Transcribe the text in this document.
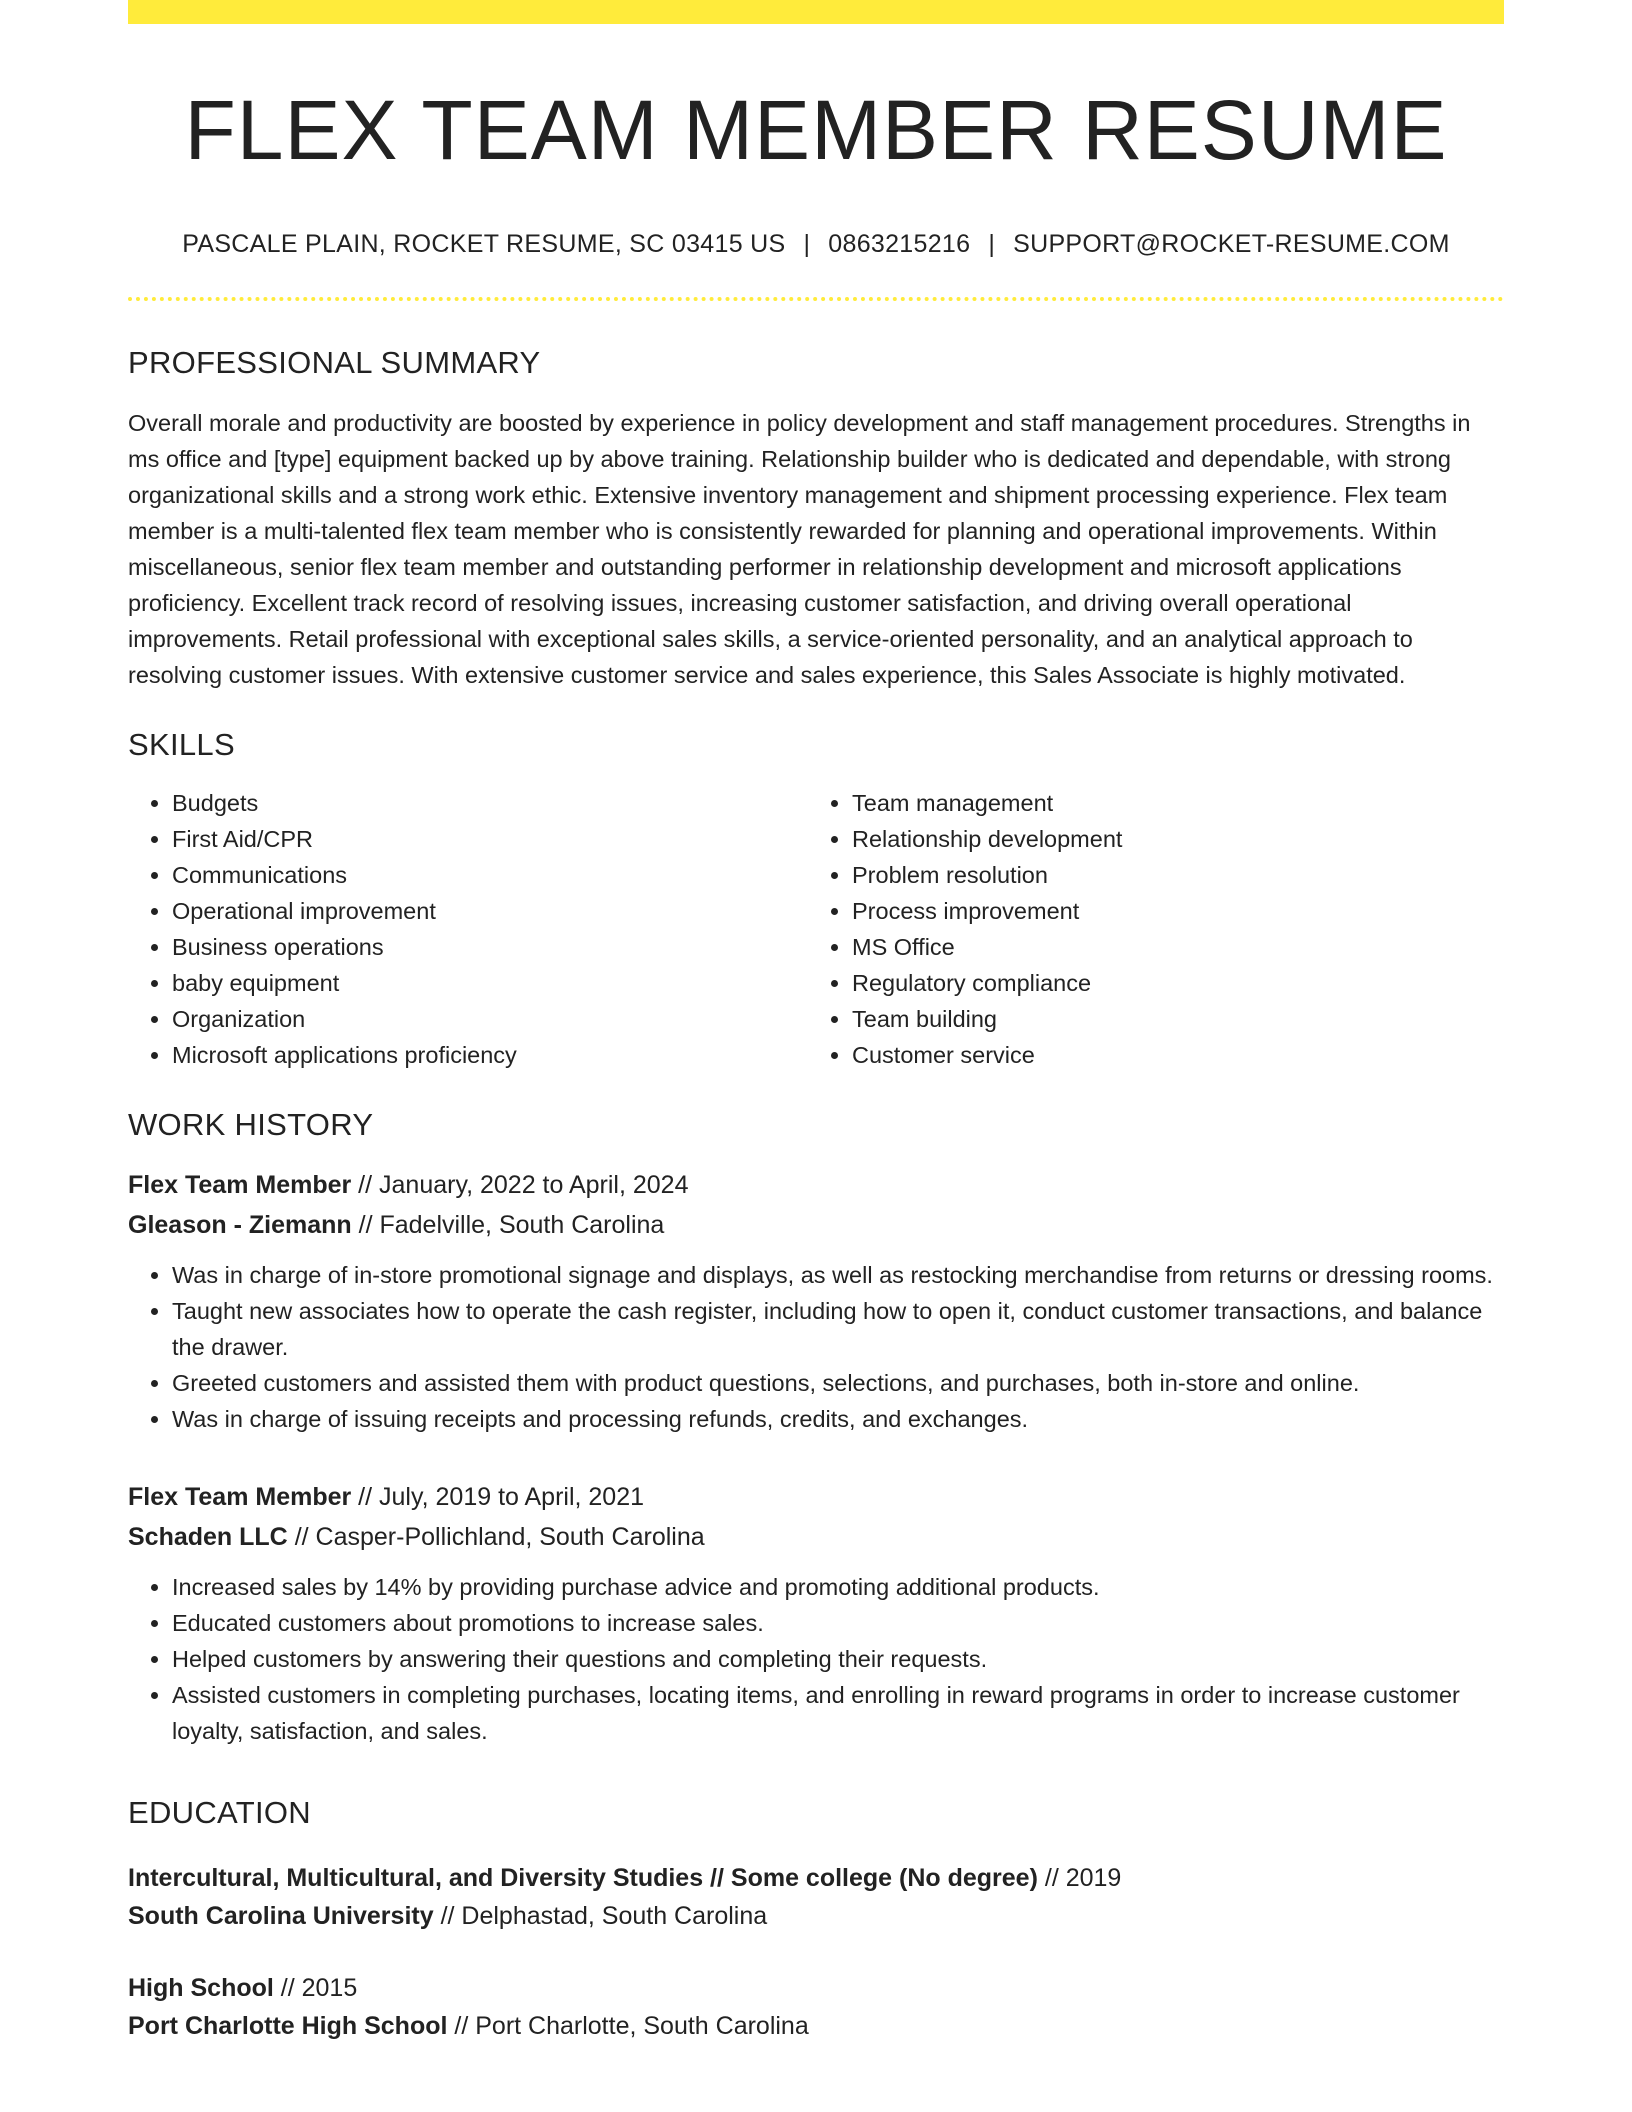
FLEX TEAM MEMBER RESUME
PASCALE PLAIN, ROCKET RESUME, SC 03415 US | 0863215216 | SUPPORT@ROCKET-RESUME.COM
PROFESSIONAL SUMMARY

Overall morale and productivity are boosted by experience in policy development and staff management procedures. Strengths in ms office and [type] equipment backed up by above training. Relationship builder who is dedicated and dependable, with strong organizational skills and a strong work ethic. Extensive inventory management and shipment processing experience. Flex team member is a multi-talented flex team member who is consistently rewarded for planning and operational improvements. Within miscellaneous, senior flex team member and outstanding performer in relationship development and microsoft applications proficiency. Excellent track record of resolving issues, increasing customer satisfaction, and driving overall operational improvements. Retail professional with exceptional sales skills, a service-oriented personality, and an analytical approach to resolving customer issues. With extensive customer service and sales experience, this Sales Associate is highly motivated.

SKILLS
• Budgets
• First Aid/CPR
• Communications
• Operational improvement
• Business operations
• baby equipment
• Organization
• Microsoft applications proficiency
• Team management
• Relationship development
• Problem resolution
• Process improvement
• MS Office
• Regulatory compliance
• Team building
• Customer service
WORK HISTORY
Flex Team Member // January, 2022 to April, 2024
Gleason - Ziemann // Fadelville, South Carolina
• Was in charge of in-store promotional signage and displays, as well as restocking merchandise from returns or dressing rooms.
• Taught new associates how to operate the cash register, including how to open it, conduct customer transactions, and balance the drawer.
• Greeted customers and assisted them with product questions, selections, and purchases, both in-store and online.
• Was in charge of issuing receipts and processing refunds, credits, and exchanges.
Flex Team Member // July, 2019 to April, 2021
Schaden LLC // Casper-Pollichland, South Carolina
• Increased sales by 14% by providing purchase advice and promoting additional products.
• Educated customers about promotions to increase sales.
• Helped customers by answering their questions and completing their requests.
• Assisted customers in completing purchases, locating items, and enrolling in reward programs in order to increase customer loyalty, satisfaction, and sales.
EDUCATION
Intercultural, Multicultural, and Diversity Studies // Some college (No degree) // 2019
South Carolina University // Delphastad, South Carolina
High School // 2015
Port Charlotte High School // Port Charlotte, South Carolina
